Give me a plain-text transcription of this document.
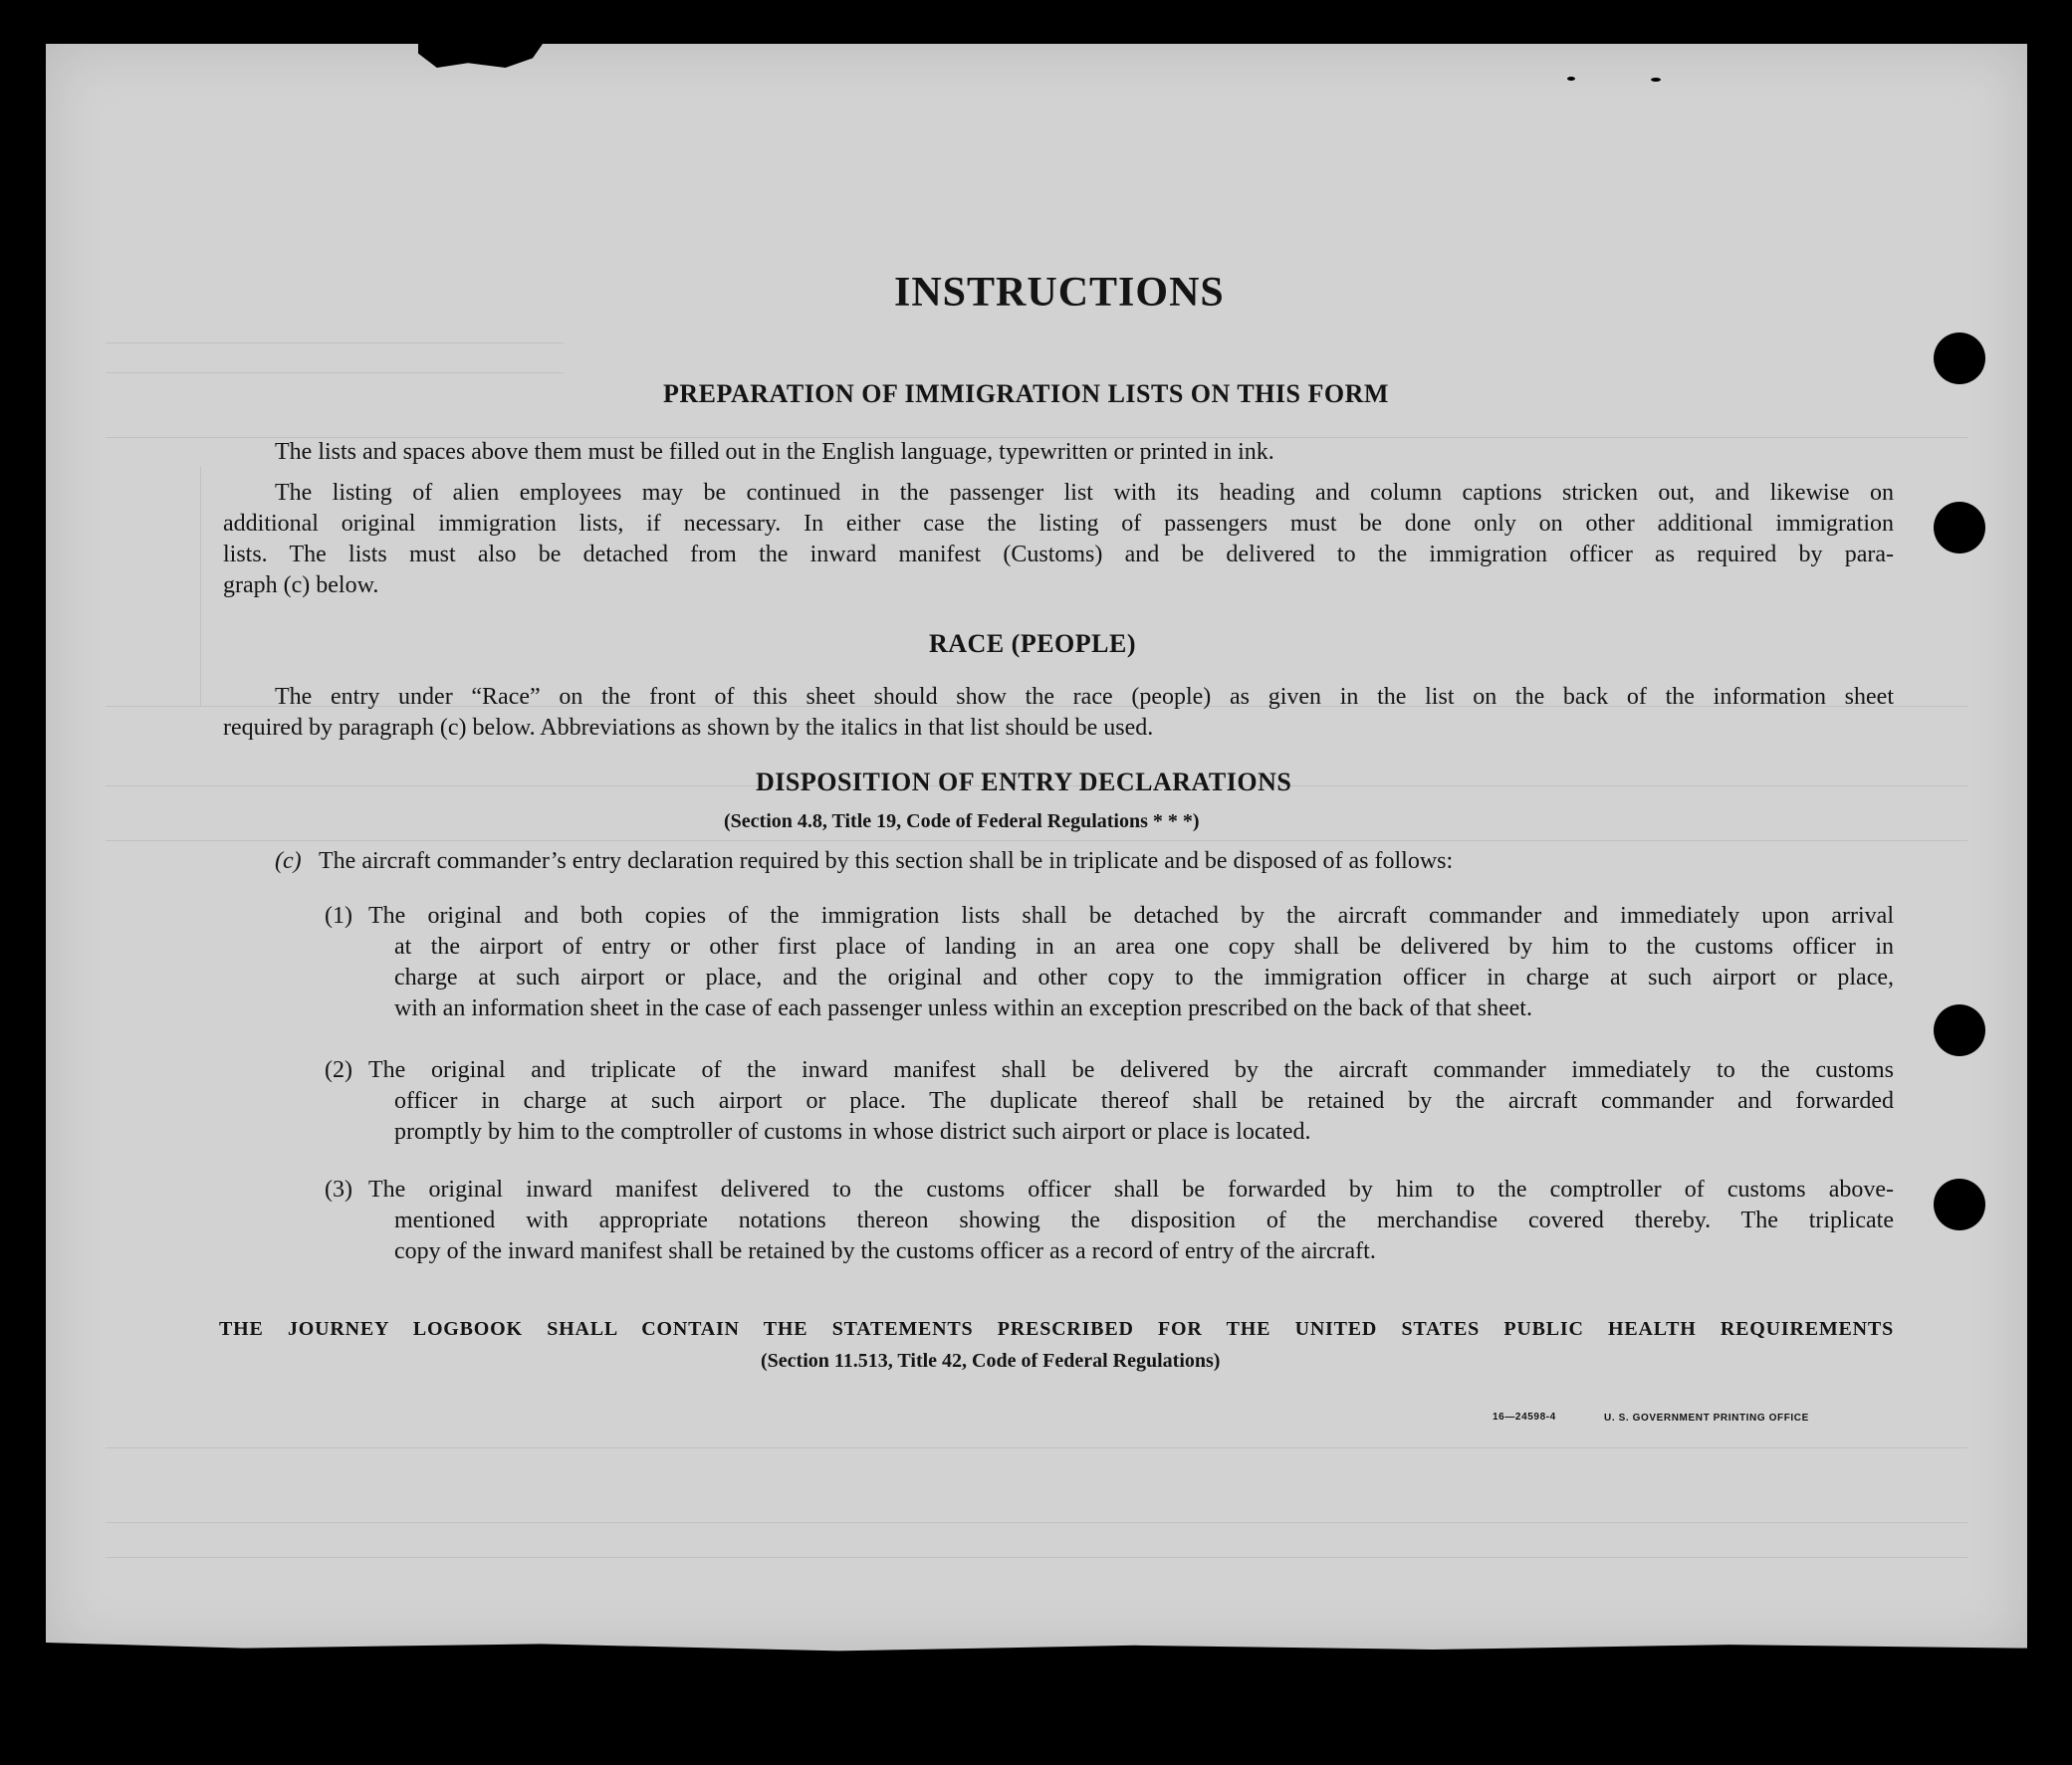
INSTRUCTIONS
PREPARATION OF IMMIGRATION LISTS ON THIS FORM
The lists and spaces above them must be filled out in the English language, typewritten or printed in ink.
The listing of alien employees may be continued in the passenger list with its heading and column captions stricken out, and likewise on
additional original immigration lists, if necessary. In either case the listing of passengers must be done only on other additional immigration
lists. The lists must also be detached from the inward manifest (Customs) and be delivered to the immigration officer as required by para-
graph (c) below.
RACE (PEOPLE)
The entry under “Race” on the front of this sheet should show the race (people) as given in the list on the back of the information sheet
required by paragraph (c) below. Abbreviations as shown by the italics in that list should be used.
DISPOSITION OF ENTRY DECLARATIONS
(Section 4.8, Title 19, Code of Federal Regulations * * *)
(c) The aircraft commander’s entry declaration required by this section shall be in triplicate and be disposed of as follows:
(1) The original and both copies of the immigration lists shall be detached by the aircraft commander and immediately upon arrival
at the airport of entry or other first place of landing in an area one copy shall be delivered by him to the customs officer in
charge at such airport or place, and the original and other copy to the immigration officer in charge at such airport or place,
with an information sheet in the case of each passenger unless within an exception prescribed on the back of that sheet.
(2) The original and triplicate of the inward manifest shall be delivered by the aircraft commander immediately to the customs
officer in charge at such airport or place. The duplicate thereof shall be retained by the aircraft commander and forwarded
promptly by him to the comptroller of customs in whose district such airport or place is located.
(3) The original inward manifest delivered to the customs officer shall be forwarded by him to the comptroller of customs above-
mentioned with appropriate notations thereon showing the disposition of the merchandise covered thereby. The triplicate
copy of the inward manifest shall be retained by the customs officer as a record of entry of the aircraft.
THE JOURNEY LOGBOOK SHALL CONTAIN THE STATEMENTS PRESCRIBED FOR THE UNITED STATES PUBLIC HEALTH REQUIREMENTS
(Section 11.513, Title 42, Code of Federal Regulations)
16—24598-4	U. S. GOVERNMENT PRINTING OFFICE
